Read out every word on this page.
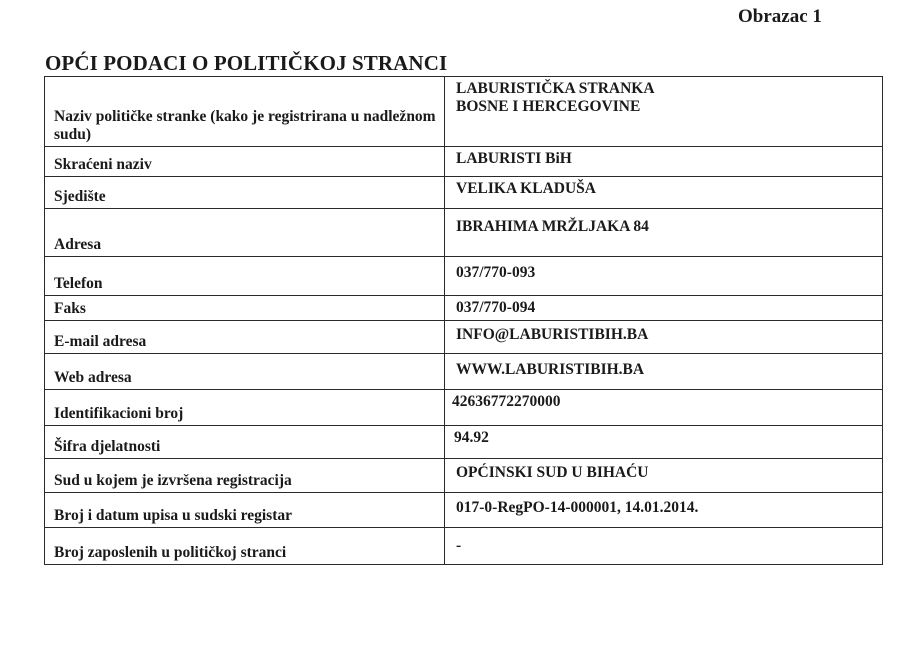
Obrazac 1
OPĆI PODACI O POLITIČKOJ STRANCI
Naziv političke stranke (kako je registrirana u nadležnom sudu)	LABURISTIČKA STRANKA
BOSNE I HERCEGOVINE
Skraćeni naziv	LABURISTI BiH
Sjedište	VELIKA KLADUŠA
Adresa	IBRAHIMA MRŽLJAKA 84
Telefon	037/770-093
Faks	037/770-094
E-mail adresa	INFO@LABURISTIBIH.BA
Web adresa	WWW.LABURISTIBIH.BA
Identifikacioni broj	42636772270000
Šifra djelatnosti	94.92
Sud u kojem je izvršena registracija	OPĆINSKI SUD U BIHAĆU
Broj i datum upisa u sudski registar	017-0-RegPO-14-000001, 14.01.2014.
Broj zaposlenih u političkoj stranci	-
